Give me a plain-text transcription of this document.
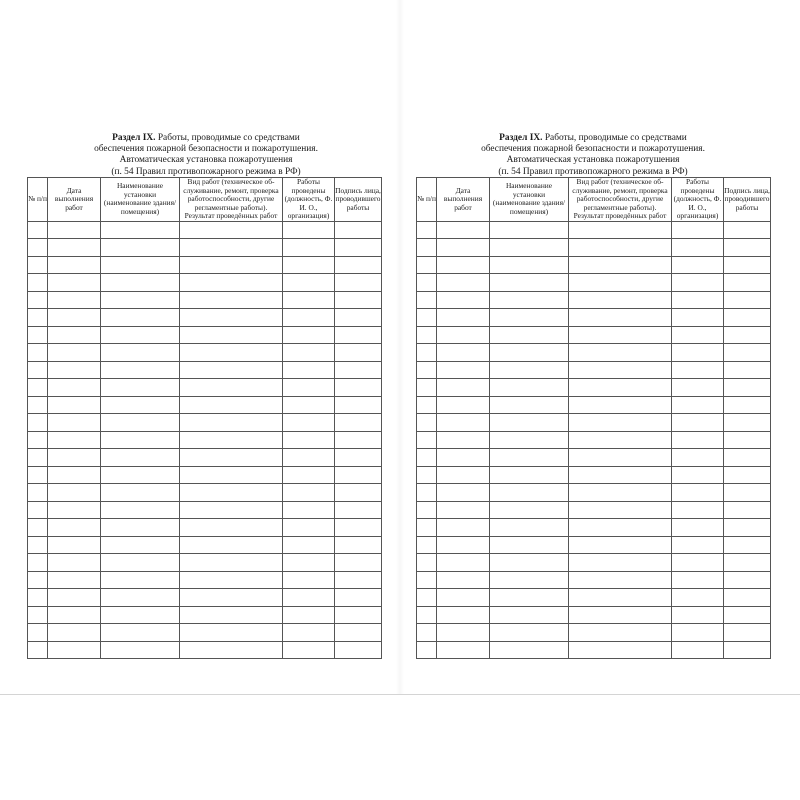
Раздел IX. Работы, проводимые со средствами
обеспечения пожарной безопасности и пожаротушения.
Автоматическая установка пожаротушения
(п. 54 Правил противопожарного режима в РФ)
№ п/п	Дата выполнения работ	Наименование установки (наименование здания/помещения)	Вид работ (техническое обслуживание, ремонт, проверка работоспособности, другие регламентные работы). Результат проведённых работ	Работы проведены (должность, Ф. И. О., организация)	Подпись лица, проводившего работы

Раздел IX. Работы, проводимые со средствами
обеспечения пожарной безопасности и пожаротушения.
Автоматическая установка пожаротушения
(п. 54 Правил противопожарного режима в РФ)
№ п/п	Дата выполнения работ	Наименование установки (наименование здания/помещения)	Вид работ (техническое обслуживание, ремонт, проверка работоспособности, другие регламентные работы). Результат проведённых работ	Работы проведены (должность, Ф. И. О., организация)	Подпись лица, проводившего работы
